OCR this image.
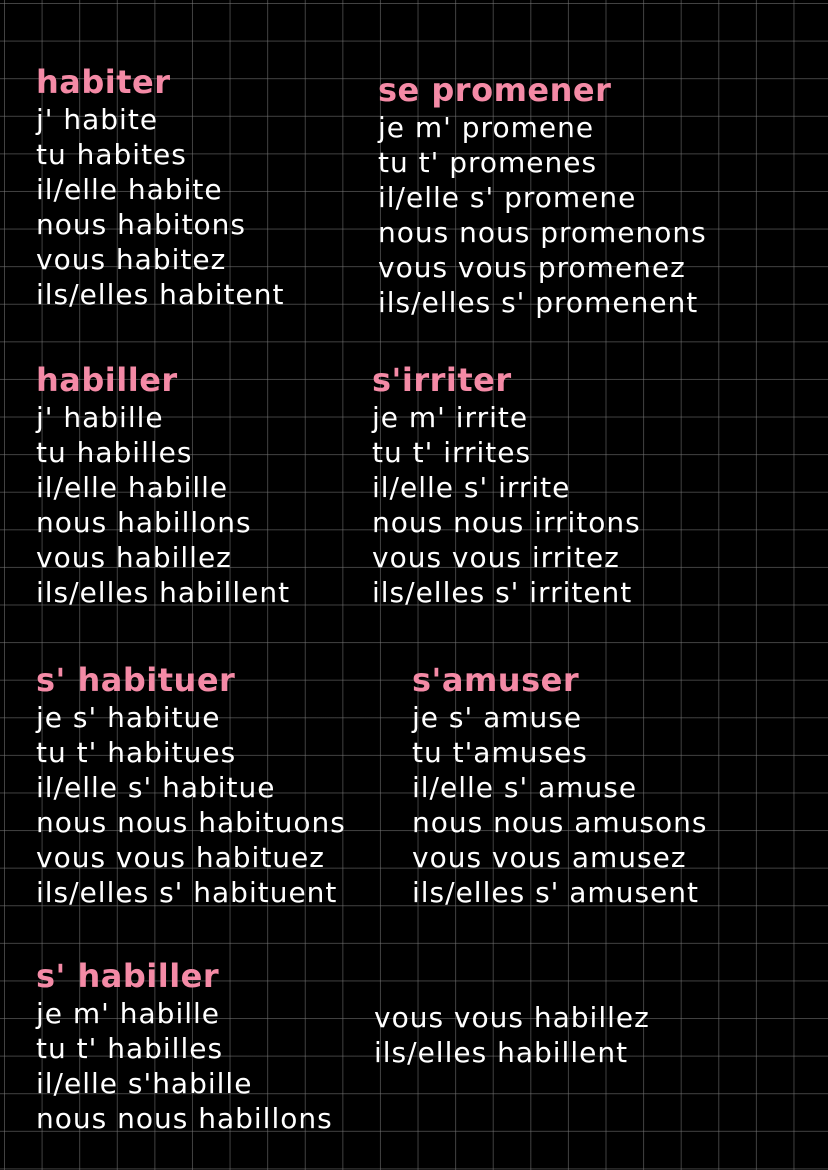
habiter
j' habite
tu habites
il/elle habite
nous habitons
vous habitez
ils/elles habitent
se promener
je m' promene
tu t' promenes
il/elle s' promene
nous nous promenons
vous vous promenez
ils/elles s' promenent
habiller
j' habille
tu habilles
il/elle habille
nous habillons
vous habillez
ils/elles habillent
s'irriter
je m' irrite
tu t' irrites
il/elle s' irrite
nous nous irritons
vous vous irritez
ils/elles s' irritent
s' habituer
je s' habitue
tu t' habitues
il/elle s' habitue
nous nous habituons
vous vous habituez
ils/elles s' habituent
s'amuser
je s' amuse
tu t'amuses
il/elle s' amuse
nous nous amusons
vous vous amusez
ils/elles s' amusent
s' habiller
je m' habille
tu t' habilles
il/elle s'habille
nous nous habillons
vous vous habillez
ils/elles habillent
